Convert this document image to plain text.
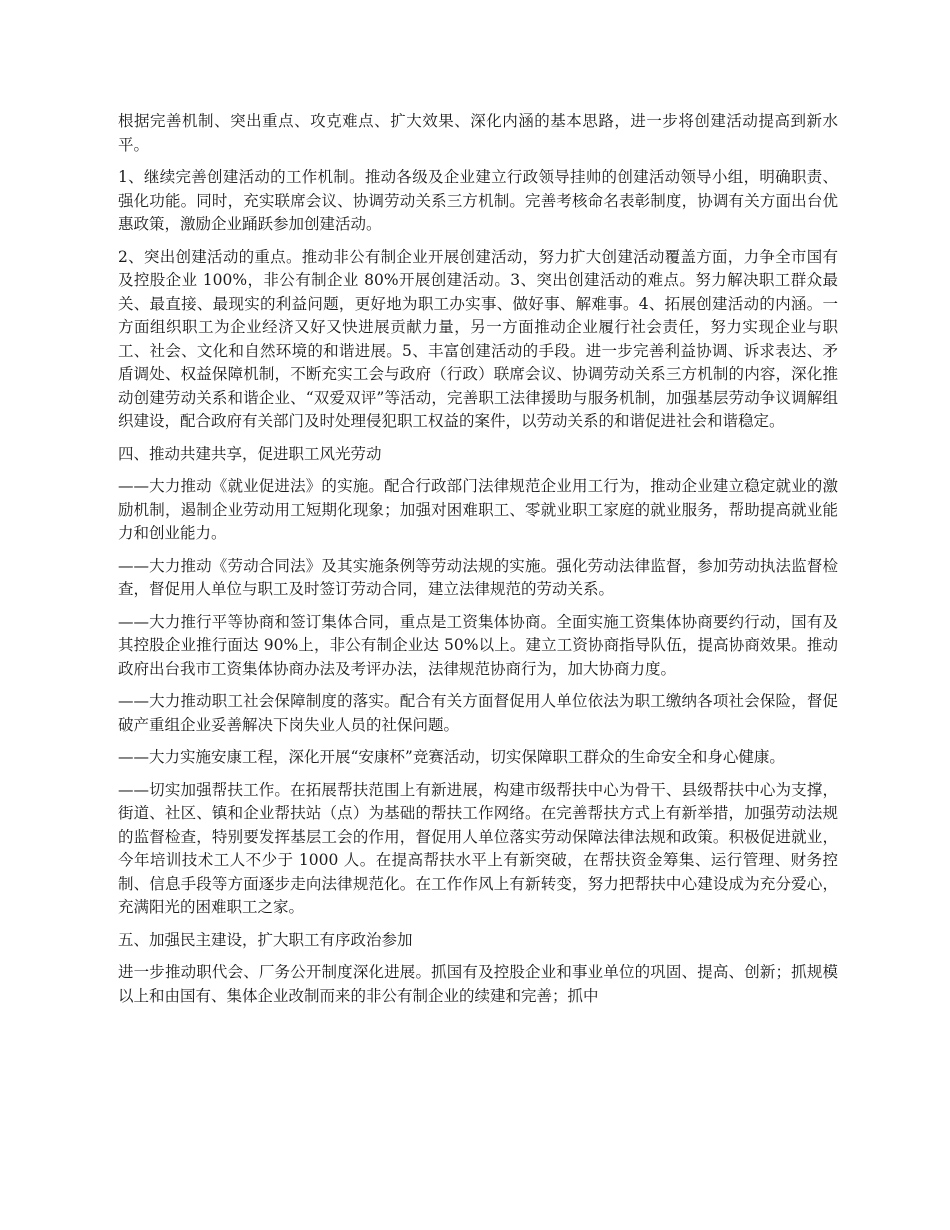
根据完善机制、突出重点、攻克难点、扩大效果、深化内涵的基本思路，进一步将创建活动提高到新水平。

1、继续完善创建活动的工作机制。推动各级及企业建立行政领导挂帅的创建活动领导小组，明确职责、强化功能。同时，充实联席会议、协调劳动关系三方机制。完善考核命名表彰制度，协调有关方面出台优惠政策，激励企业踊跃参加创建活动。

2、突出创建活动的重点。推动非公有制企业开展创建活动，努力扩大创建活动覆盖方面，力争全市国有及控股企业 100%，非公有制企业 80%开展创建活动。3、突出创建活动的难点。努力解决职工群众最关、最直接、最现实的利益问题，更好地为职工办实事、做好事、解难事。4、拓展创建活动的内涵。一方面组织职工为企业经济又好又快进展贡献力量，另一方面推动企业履行社会责任，努力实现企业与职工、社会、文化和自然环境的和谐进展。5、丰富创建活动的手段。进一步完善利益协调、诉求表达、矛盾调处、权益保障机制，不断充实工会与政府（行政）联席会议、协调劳动关系三方机制的内容，深化推动创建劳动关系和谐企业、“双爱双评”等活动，完善职工法律援助与服务机制，加强基层劳动争议调解组织建设，配合政府有关部门及时处理侵犯职工权益的案件，以劳动关系的和谐促进社会和谐稳定。

四、推动共建共享，促进职工风光劳动

——大力推动《就业促进法》的实施。配合行政部门法律规范企业用工行为，推动企业建立稳定就业的激励机制，遏制企业劳动用工短期化现象；加强对困难职工、零就业职工家庭的就业服务，帮助提高就业能力和创业能力。

——大力推动《劳动合同法》及其实施条例等劳动法规的实施。强化劳动法律监督，参加劳动执法监督检查，督促用人单位与职工及时签订劳动合同，建立法律规范的劳动关系。

——大力推行平等协商和签订集体合同，重点是工资集体协商。全面实施工资集体协商要约行动，国有及其控股企业推行面达 90%上，非公有制企业达 50%以上。建立工资协商指导队伍，提高协商效果。推动政府出台我市工资集体协商办法及考评办法，法律规范协商行为，加大协商力度。

——大力推动职工社会保障制度的落实。配合有关方面督促用人单位依法为职工缴纳各项社会保险，督促破产重组企业妥善解决下岗失业人员的社保问题。

——大力实施安康工程，深化开展“安康杯”竞赛活动，切实保障职工群众的生命安全和身心健康。

——切实加强帮扶工作。在拓展帮扶范围上有新进展，构建市级帮扶中心为骨干、县级帮扶中心为支撑，街道、社区、镇和企业帮扶站（点）为基础的帮扶工作网络。在完善帮扶方式上有新举措，加强劳动法规的监督检查，特别要发挥基层工会的作用，督促用人单位落实劳动保障法律法规和政策。积极促进就业，今年培训技术工人不少于 1000 人。在提高帮扶水平上有新突破，在帮扶资金筹集、运行管理、财务控制、信息手段等方面逐步走向法律规范化。在工作作风上有新转变，努力把帮扶中心建设成为充分爱心，充满阳光的困难职工之家。

五、加强民主建设，扩大职工有序政治参加

进一步推动职代会、厂务公开制度深化进展。抓国有及控股企业和事业单位的巩固、提高、创新；抓规模以上和由国有、集体企业改制而来的非公有制企业的续建和完善；抓中
